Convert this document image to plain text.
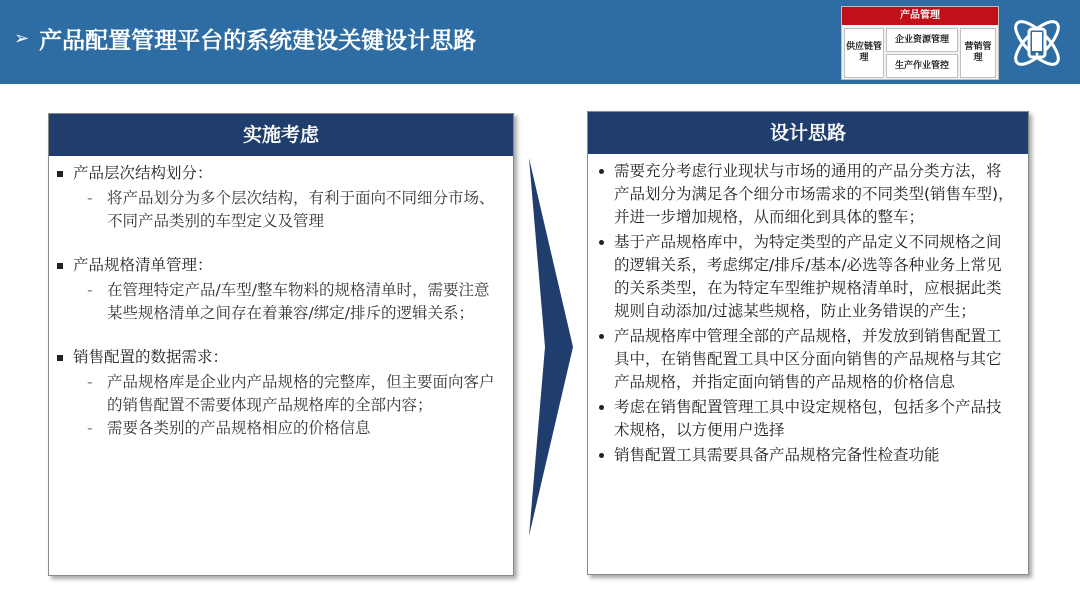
➢ 产品配置管理平台的系统建设关键设计思路
产品管理
供应链管理
企业资源管理
生产作业管控
营销管理
实施考虑
产品层次结构划分：
- 将产品划分为多个层次结构，有利于面向不同细分市场、不同产品类别的车型定义及管理
产品规格清单管理：
- 在管理特定产品/车型/整车物料的规格清单时，需要注意某些规格清单之间存在着兼容/绑定/排斥的逻辑关系；
销售配置的数据需求：
- 产品规格库是企业内产品规格的完整库，但主要面向客户的销售配置不需要体现产品规格库的全部内容；
- 需要各类别的产品规格相应的价格信息
设计思路
需要充分考虑行业现状与市场的通用的产品分类方法，将产品划分为满足各个细分市场需求的不同类型(销售车型)，并进一步增加规格，从而细化到具体的整车；
基于产品规格库中，为特定类型的产品定义不同规格之间的逻辑关系，考虑绑定/排斥/基本/必选等各种业务上常见的关系类型，在为特定车型维护规格清单时，应根据此类规则自动添加/过滤某些规格，防止业务错误的产生；
产品规格库中管理全部的产品规格，并发放到销售配置工具中，在销售配置工具中区分面向销售的产品规格与其它产品规格，并指定面向销售的产品规格的价格信息
考虑在销售配置管理工具中设定规格包，包括多个产品技术规格，以方便用户选择
销售配置工具需要具备产品规格完备性检查功能
